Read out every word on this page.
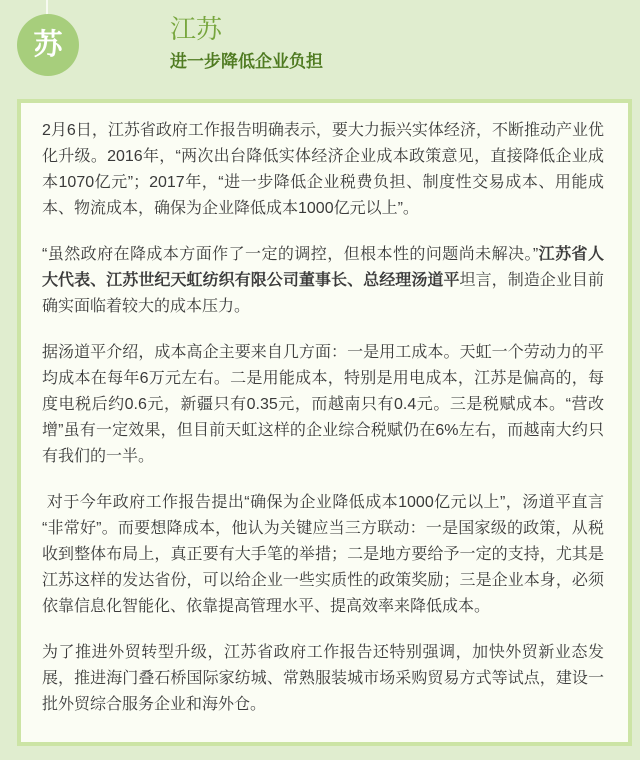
苏	江苏
进一步降低企业负担

2月6日，江苏省政府工作报告明确表示，要大力振兴实体经济，不断推动产业优化升级。2016年，“两次出台降低实体经济企业成本政策意见，直接降低企业成本1070亿元”；2017年，“进一步降低企业税费负担、制度性交易成本、用能成本、物流成本，确保为企业降低成本1000亿元以上”。

“虽然政府在降成本方面作了一定的调控，但根本性的问题尚未解决。”江苏省人大代表、江苏世纪天虹纺织有限公司董事长、总经理汤道平坦言，制造企业目前确实面临着较大的成本压力。

据汤道平介绍，成本高企主要来自几方面：一是用工成本。天虹一个劳动力的平均成本在每年6万元左右。二是用能成本，特别是用电成本，江苏是偏高的，每度电税后约0.6元，新疆只有0.35元，而越南只有0.4元。三是税赋成本。“营改增”虽有一定效果，但目前天虹这样的企业综合税赋仍在6%左右，而越南大约只有我们的一半。

对于今年政府工作报告提出“确保为企业降低成本1000亿元以上”，汤道平直言“非常好”。而要想降成本，他认为关键应当三方联动：一是国家级的政策，从税收到整体布局上，真正要有大手笔的举措；二是地方要给予一定的支持，尤其是江苏这样的发达省份，可以给企业一些实质性的政策奖励；三是企业本身，必须依靠信息化智能化、依靠提高管理水平、提高效率来降低成本。

为了推进外贸转型升级，江苏省政府工作报告还特别强调，加快外贸新业态发展，推进海门叠石桥国际家纺城、常熟服装城市场采购贸易方式等试点，建设一批外贸综合服务企业和海外仓。
